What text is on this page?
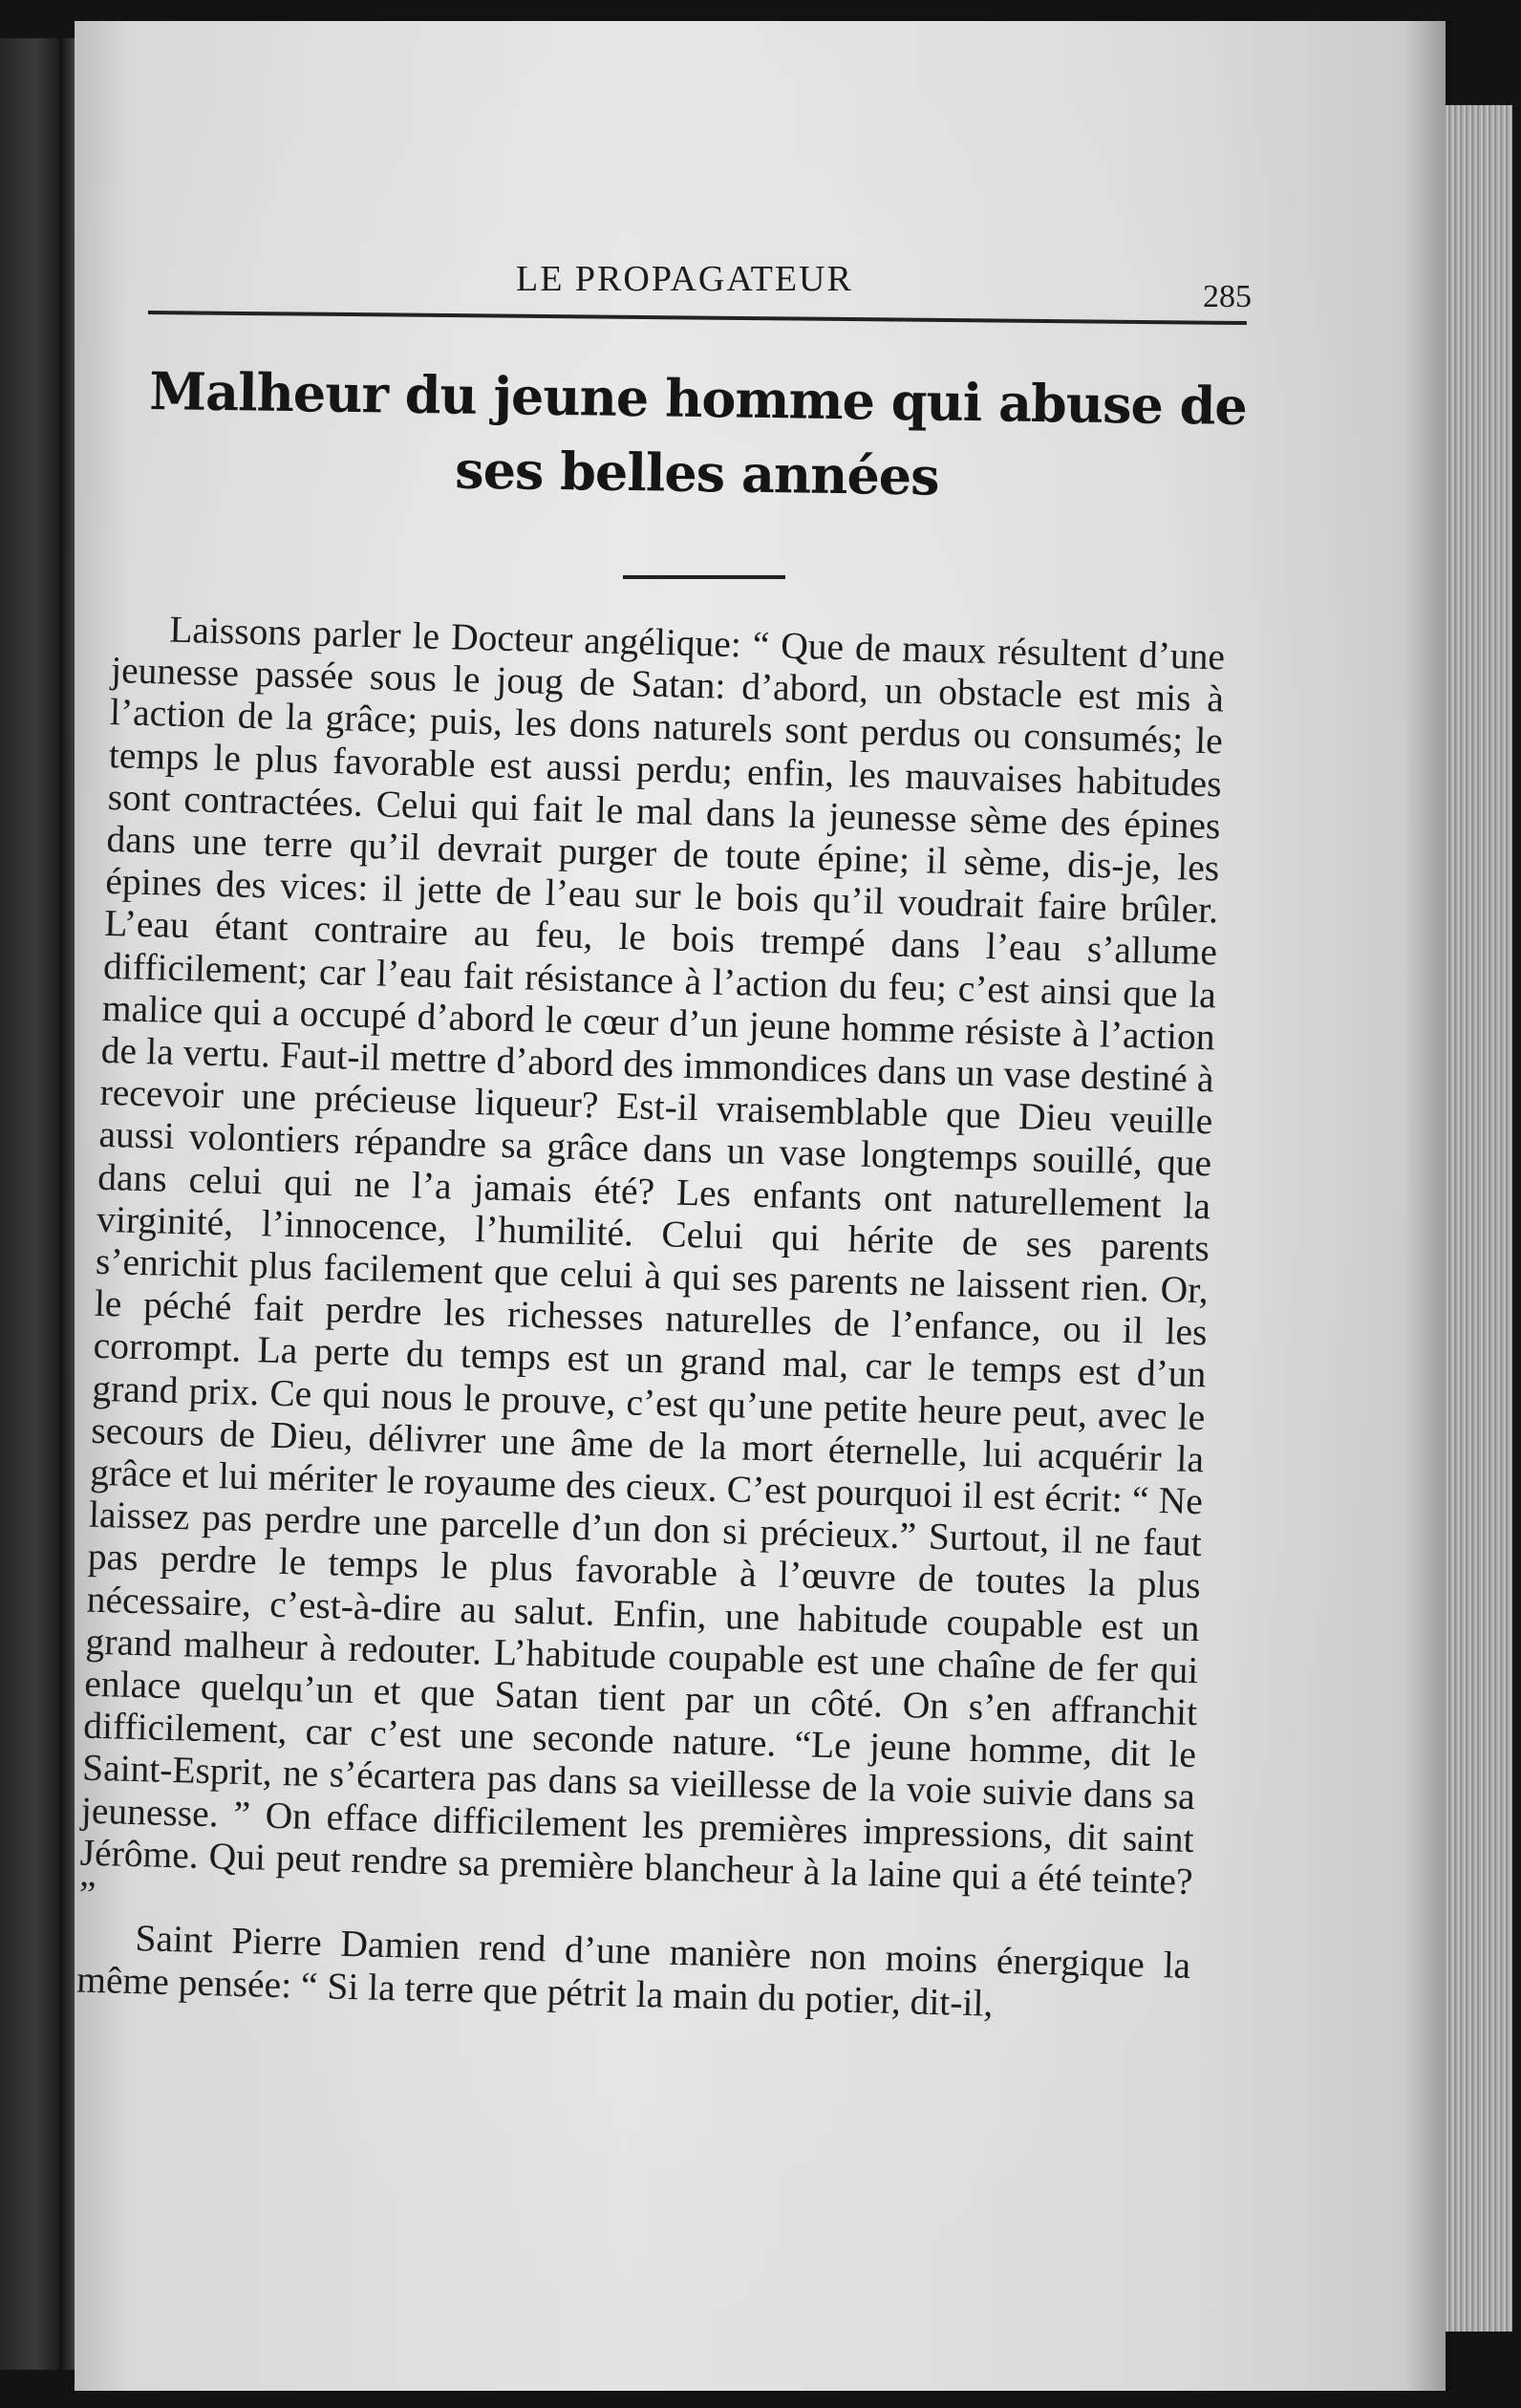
LE PROPAGATEUR	285
Malheur du jeune homme qui abuse de
ses belles années

Laissons parler le Docteur angélique: “ Que de maux résultent d’une jeunesse passée sous le joug de Satan: d’abord, un obstacle est mis à l’action de la grâce; puis, les dons naturels sont perdus ou consumés; le temps le plus favorable est aussi perdu; enfin, les mauvaises habitudes sont contractées. Celui qui fait le mal dans la jeunesse sème des épines dans une terre qu’il devrait purger de toute épine; il sème, dis-je, les épines des vices: il jette de l’eau sur le bois qu’il voudrait faire brûler. L’eau étant contraire au feu, le bois trempé dans l’eau s’allume difficilement; car l’eau fait résistance à l’action du feu; c’est ainsi que la malice qui a occupé d’abord le cœur d’un jeune homme résiste à l’action de la vertu. Faut-il mettre d’abord des immondices dans un vase destiné à recevoir une précieuse liqueur? Est-il vraisemblable que Dieu veuille aussi volontiers répandre sa grâce dans un vase longtemps souillé, que dans celui qui ne l’a jamais été? Les enfants ont naturellement la virginité, l’innocence, l’humilité. Celui qui hérite de ses parents s’enrichit plus facilement que celui à qui ses parents ne laissent rien. Or, le péché fait perdre les richesses naturelles de l’enfance, ou il les corrompt. La perte du temps est un grand mal, car le temps est d’un grand prix. Ce qui nous le prouve, c’est qu’une petite heure peut, avec le secours de Dieu, délivrer une âme de la mort éternelle, lui acquérir la grâce et lui mériter le royaume des cieux. C’est pourquoi il est écrit: “ Ne laissez pas perdre une parcelle d’un don si précieux.” Surtout, il ne faut pas perdre le temps le plus favorable à l’œuvre de toutes la plus nécessaire, c’est-à-dire au salut. Enfin, une habitude coupable est un grand malheur à redouter. L’habitude coupable est une chaîne de fer qui enlace quelqu’un et que Satan tient par un côté. On s’en affranchit difficilement, car c’est une seconde nature. “Le jeune homme, dit le Saint-Esprit, ne s’écartera pas dans sa vieillesse de la voie suivie dans sa jeunesse. ” On efface difficilement les premières impressions, dit saint Jérôme. Qui peut rendre sa première blancheur à la laine qui a été teinte? ”

Saint Pierre Damien rend d’une manière non moins énergique la même pensée: “ Si la terre que pétrit la main du potier, dit-il,
